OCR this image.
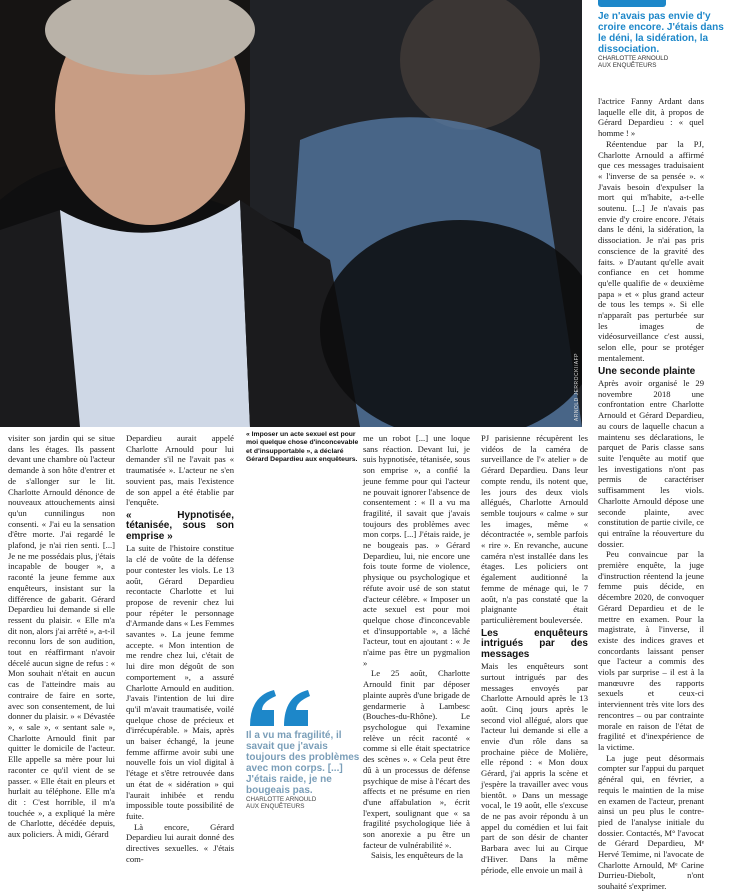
ARNOLD JERROCKI/AFP
Je n'avais pas envie d'y croire encore. J'étais dans le déni, la sidération, la dissociation.
CHARLOTTE ARNOULD
AUX ENQUÊTEURS
« Imposer un acte sexuel est pour moi quelque chose d'inconcevable et d'insupportable », a déclaré Gérard Depardieu aux enquêteurs.

visiter son jardin qui se situe dans les étages. Ils passent devant une chambre où l'acteur demande à son hôte d'entrer et de s'allonger sur le lit. Charlotte Arnould dénonce de nouveaux attouchements ainsi qu'un cunnilingus non consenti. « J'ai eu la sensation d'être morte. J'ai regardé le plafond, je n'ai rien senti. [...] Je ne me possédais plus, j'étais incapable de bouger », a raconté la jeune femme aux enquêteurs, insistant sur la différence de gabarit. Gérard Depardieu lui demande si elle ressent du plaisir. « Elle m'a dit non, alors j'ai arrêté », a-t-il reconnu lors de son audition, tout en réaffirmant n'avoir décelé aucun signe de refus : « Mon souhait n'était en aucun cas de l'atteindre mais au contraire de faire en sorte, avec son consentement, de lui donner du plaisir. » « Dévastée », « sale », « sentant sale », Charlotte Arnould finit par quitter le domicile de l'acteur. Elle appelle sa mère pour lui raconter ce qu'il vient de se passer. « Elle était en pleurs et hurlait au téléphone. Elle m'a dit : C'est horrible, il m'a touchée », a expliqué la mère de Charlotte, décédée depuis, aux policiers. À midi, Gérard

Depardieu aurait appelé Charlotte Arnould pour lui demander s'il ne l'avait pas « traumatisée ». L'acteur ne s'en souvient pas, mais l'existence de son appel a été établie par l'enquête.

« Hypnotisée, tétanisée, sous son emprise »

La suite de l'histoire constitue la clé de voûte de la défense pour contester les viols. Le 13 août, Gérard Depardieu recontacte Charlotte et lui propose de revenir chez lui pour répéter le personnage d'Armande dans « Les Femmes savantes ». La jeune femme accepte. « Mon intention de me rendre chez lui, c'était de lui dire mon dégoût de son comportement », a assuré Charlotte Arnould en audition. J'avais l'intention de lui dire qu'il m'avait traumatisée, voilé quelque chose de précieux et d'irrécupérable. » Mais, après un baiser échangé, la jeune femme affirme avoir subi une nouvelle fois un viol digital à l'étage et s'être retrouvée dans un état de « sidération » qui l'aurait inhibée et rendu impossible toute possibilité de fuite.

Là encore, Gérard Depardieu lui aurait donné des directives sexuelles. « J'étais com-

Il a vu ma fragilité, il savait que j'avais toujours des problèmes avec mon corps. [...] J'étais raide, je ne bougeais pas.
CHARLOTTE ARNOULD
AUX ENQUÊTEURS

me un robot [...] une loque sans réaction. Devant lui, je suis hypnotisée, tétanisée, sous son emprise », a confié la jeune femme pour qui l'acteur ne pouvait ignorer l'absence de consentement : « Il a vu ma fragilité, il savait que j'avais toujours des problèmes avec mon corps. [...] J'étais raide, je ne bougeais pas. » Gérard Depardieu, lui, nie encore une fois toute forme de violence, physique ou psychologique et réfute avoir usé de son statut d'acteur célèbre. « Imposer un acte sexuel est pour moi quelque chose d'inconcevable et d'insupportable », a lâché l'acteur, tout en ajoutant : « Je n'aime pas être un pygmalion »

Le 25 août, Charlotte Arnould finit par déposer plainte auprès d'une brigade de gendarmerie à Lambesc (Bouches-du-Rhône). Le psychologue qui l'examine relève un récit raconté « comme si elle était spectatrice des scènes ». « Cela peut être dû à un processus de défense psychique de mise à l'écart des affects et ne présume en rien d'une affabulation », écrit l'expert, soulignant que « sa fragilité psychologique liée à son anorexie a pu être un facteur de vulnérabilité ».

Saisis, les enquêteurs de la

PJ parisienne récupèrent les vidéos de la caméra de surveillance de l'« atelier » de Gérard Depardieu. Dans leur compte rendu, ils notent que, les jours des deux viols allégués, Charlotte Arnould semble toujours « calme » sur les images, même « décontractée », semble parfois « rire ». En revanche, aucune caméra n'est installée dans les étages. Les policiers ont également auditionné la femme de ménage qui, le 7 août, n'a pas constaté que la plaignante était particulièrement bouleversée.

Les enquêteurs intrigués par des messages

Mais les enquêteurs sont surtout intrigués par des messages envoyés par Charlotte Arnould après le 13 août. Cinq jours après le second viol allégué, alors que l'acteur lui demande si elle a envie d'un rôle dans sa prochaine pièce de Molière, elle répond : « Mon doux Gérard, j'ai appris la scène et j'espère la travailler avec vous bientôt. » Dans un message vocal, le 19 août, elle s'excuse de ne pas avoir répondu à un appel du comédien et lui fait part de son désir de chanter Barbara avec lui au Cirque d'Hiver. Dans la même période, elle envoie un mail à

l'actrice Fanny Ardant dans laquelle elle dit, à propos de Gérard Depardieu : « quel homme ! »

Réentendue par la PJ, Charlotte Arnould a affirmé que ces messages traduisaient « l'inverse de sa pensée ». « J'avais besoin d'expulser la mort qui m'habite, a-t-elle soutenu. [...] Je n'avais pas envie d'y croire encore. J'étais dans le déni, la sidération, la dissociation. Je n'ai pas pris conscience de la gravité des faits. » D'autant qu'elle avait confiance en cet homme qu'elle qualifie de « deuxième papa » et « plus grand acteur de tous les temps ». Si elle n'apparaît pas perturbée sur les images de vidéosurveillance c'est aussi, selon elle, pour se protéger mentalement.

Une seconde plainte

Après avoir organisé le 29 novembre 2018 une confrontation entre Charlotte Arnould et Gérard Depardieu, au cours de laquelle chacun a maintenu ses déclarations, le parquet de Paris classe sans suite l'enquête au motif que les investigations n'ont pas permis de caractériser suffisamment les viols. Charlotte Arnould dépose une seconde plainte, avec constitution de partie civile, ce qui entraîne la réouverture du dossier.

Peu convaincue par la première enquête, la juge d'instruction réentend la jeune femme puis décide, en décembre 2020, de convoquer Gérard Depardieu et de le mettre en examen. Pour la magistrate, à l'inverse, il existe des indices graves et concordants laissant penser que l'acteur a commis des viols par surprise – il est à la manœuvre des rapports sexuels et ceux-ci interviennent très vite lors des rencontres – ou par contrainte morale en raison de l'état de fragilité et d'inexpérience de la victime.

La juge peut désormais compter sur l'appui du parquet général qui, en février, a requis le maintien de la mise en examen de l'acteur, prenant ainsi un peu plus le contre-pied de l'analyse initiale du dossier. Contactés, M° l'avocat de Gérard Depardieu, Mᵉ Hervé Temime, ni l'avocate de Charlotte Arnould, Mᵉ Carine Durrieu-Diebolt, n'ont souhaité s'exprimer.
